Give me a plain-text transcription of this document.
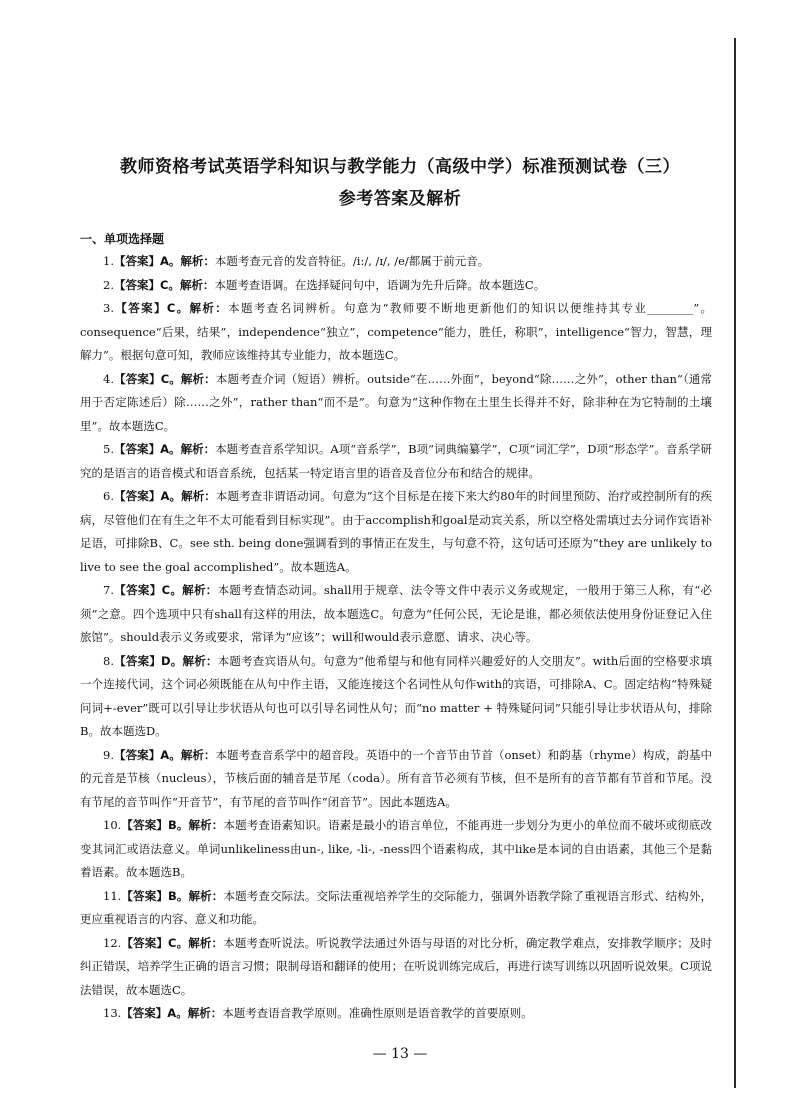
教师资格考试英语学科知识与教学能力（高级中学）标准预测试卷（三）
参考答案及解析
一、单项选择题

1.【答案】A。解析：本题考查元音的发音特征。/i:/, /ɪ/, /e/都属于前元音。

2.【答案】C。解析：本题考查语调。在选择疑问句中，语调为先升后降。故本题选C。

3.【答案】C。解析：本题考查名词辨析。句意为“教师要不断地更新他们的知识以便维持其专业________”。consequence“后果，结果”，independence“独立”，competence“能力，胜任，称职”，intelligence“智力，智慧，理解力”。根据句意可知，教师应该维持其专业能力，故本题选C。

4.【答案】C。解析：本题考查介词（短语）辨析。outside“在……外面”，beyond“除……之外”，other than“（通常用于否定陈述后）除……之外”，rather than“而不是”。句意为“这种作物在土里生长得并不好，除非种在为它特制的土壤里”。故本题选C。

5.【答案】A。解析：本题考查音系学知识。A项“音系学”，B项“词典编纂学”，C项“词汇学”，D项“形态学”。音系学研究的是语言的语音模式和语音系统，包括某一特定语言里的语音及音位分布和结合的规律。

6.【答案】A。解析：本题考查非谓语动词。句意为“这个目标是在接下来大约80年的时间里预防、治疗或控制所有的疾病，尽管他们在有生之年不太可能看到目标实现”。由于accomplish和goal是动宾关系，所以空格处需填过去分词作宾语补足语，可排除B、C。see sth. being done强调看到的事情正在发生，与句意不符，这句话可还原为“they are unlikely to live to see the goal accomplished”。故本题选A。

7.【答案】C。解析：本题考查情态动词。shall用于规章、法令等文件中表示义务或规定，一般用于第三人称，有“必须”之意。四个选项中只有shall有这样的用法，故本题选C。句意为“任何公民，无论是谁，都必须依法使用身份证登记入住旅馆”。should表示义务或要求，常译为“应该”；will和would表示意愿、请求、决心等。

8.【答案】D。解析：本题考查宾语从句。句意为“他希望与和他有同样兴趣爱好的人交朋友”。with后面的空格要求填一个连接代词，这个词必须既能在从句中作主语，又能连接这个名词性从句作with的宾语，可排除A、C。固定结构“特殊疑问词+-ever”既可以引导让步状语从句也可以引导名词性从句；而“no matter + 特殊疑问词”只能引导让步状语从句，排除B。故本题选D。

9.【答案】A。解析：本题考查音系学中的超音段。英语中的一个音节由节首（onset）和韵基（rhyme）构成，韵基中的元音是节核（nucleus），节核后面的辅音是节尾（coda）。所有音节必须有节核，但不是所有的音节都有节首和节尾。没有节尾的音节叫作“开音节”，有节尾的音节叫作“闭音节”。因此本题选A。

10.【答案】B。解析：本题考查语素知识。语素是最小的语言单位，不能再进一步划分为更小的单位而不破坏或彻底改变其词汇或语法意义。单词unlikeliness由un-, like, -li-, -ness四个语素构成，其中like是本词的自由语素，其他三个是黏着语素。故本题选B。

11.【答案】B。解析：本题考查交际法。交际法重视培养学生的交际能力，强调外语教学除了重视语言形式、结构外，更应重视语言的内容、意义和功能。

12.【答案】C。解析：本题考查听说法。听说教学法通过外语与母语的对比分析，确定教学难点，安排教学顺序；及时纠正错误，培养学生正确的语言习惯；限制母语和翻译的使用；在听说训练完成后，再进行读写训练以巩固听说效果。C项说法错误，故本题选C。

13.【答案】A。解析：本题考查语音教学原则。准确性原则是语音教学的首要原则。

— 13 —
